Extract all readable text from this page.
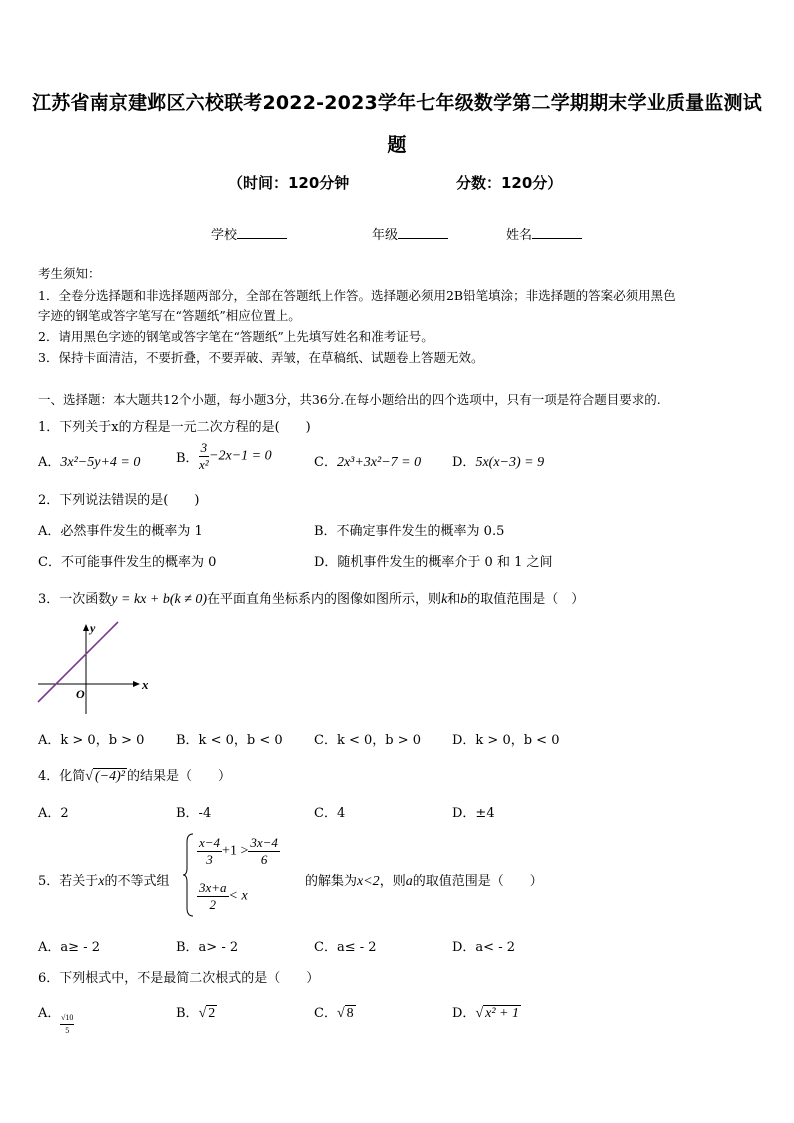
江苏省南京建邺区六校联考2022-2023学年七年级数学第二学期期末学业质量监测试
题
（时间：120分钟	分数：120分）
学校	年级	姓名
考生须知：
1．全卷分选择题和非选择题两部分，全部在答题纸上作答。选择题必须用2B铅笔填涂；非选择题的答案必须用黑色
字迹的钢笔或答字笔写在“答题纸”相应位置上。
2．请用黑色字迹的钢笔或答字笔在“答题纸”上先填写姓名和准考证号。
3．保持卡面清洁，不要折叠，不要弄破、弄皱，在草稿纸、试题卷上答题无效。
一、选择题：本大题共12个小题，每小题3分，共36分.在每小题给出的四个选项中，只有一项是符合题目要求的.
1．下列关于x的方程是一元二次方程的是(　　)
A．3x²−5y+4 = 0	B． $\frac{3}{\text{x²}} -2x-1 = 0$	C．2x³+3x²−7 = 0 D．5x(x−3) = 9
2．下列说法错误的是(　　)
A．必然事件发生的概率为 1	B．不确定事件发生的概率为 0.5
C．不可能事件发生的概率为 0	D．随机事件发生的概率介于 0 和 1 之间
3．一次函数y = kx + b(k ≠ 0)在平面直角坐标系内的图像如图所示，则k和b的取值范围是（　）
y
x
O
A．k > 0，b > 0 B．k < 0，b < 0 C．k < 0，b > 0 D．k > 0，b < 0
4．化简√ (−4)² 的结果是（　　）
A．2	B．-4	C．4	D．±4
5．若关于x的不等式组
$\frac{x-4}{3} +1 > \frac{3x-4}{6}$
$\frac{3x+a}{2} < x$
的解集为x<2，则a的取值范围是（　　）
A．a≥ - 2	B．a> - 2	C．a≤ - 2	D．a< - 2
6．下列根式中，不是最简二次根式的是（　　）
A． √10
5
B．√ 2	C．√ 8	D．√ x² + 1
